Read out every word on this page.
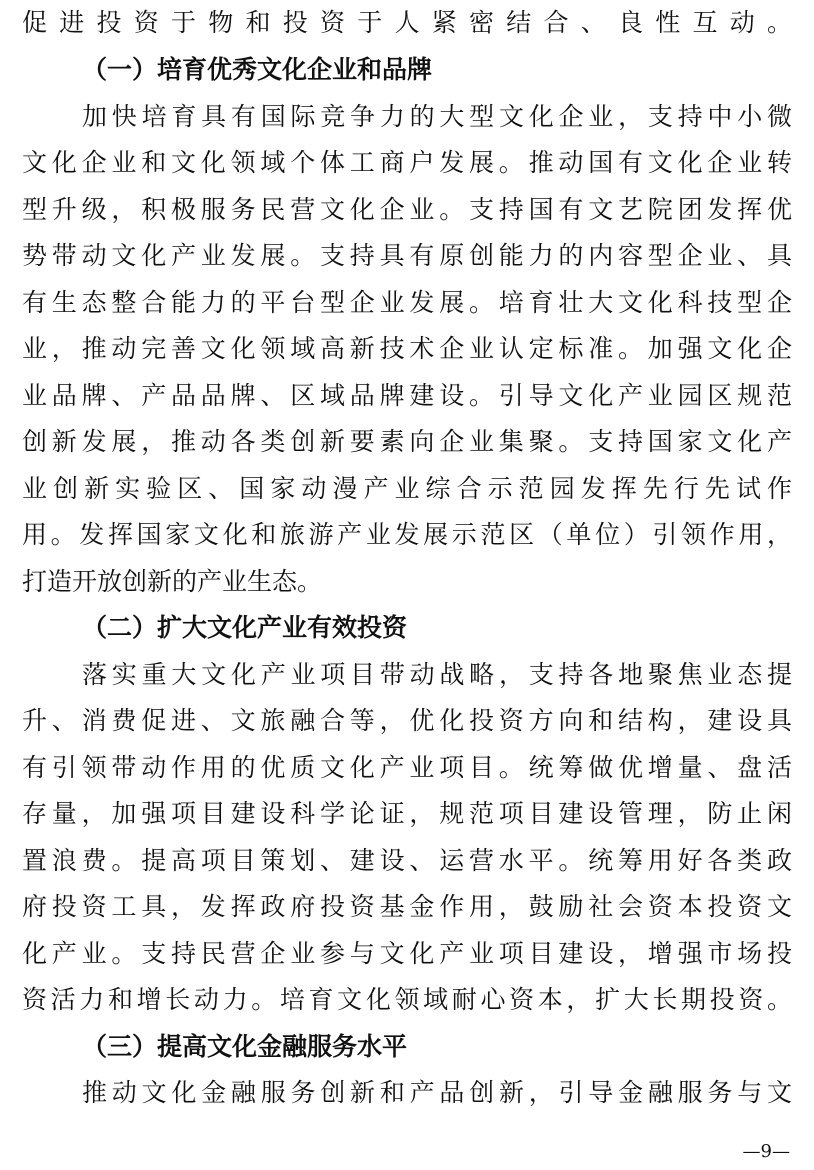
促进投资于物和投资于人紧密结合、良性互动。
（一）培育优秀文化企业和品牌
加快培育具有国际竞争力的大型文化企业，支持中小微
文化企业和文化领域个体工商户发展。推动国有文化企业转
型升级，积极服务民营文化企业。支持国有文艺院团发挥优
势带动文化产业发展。支持具有原创能力的内容型企业、具
有生态整合能力的平台型企业发展。培育壮大文化科技型企
业，推动完善文化领域高新技术企业认定标准。加强文化企
业品牌、产品品牌、区域品牌建设。引导文化产业园区规范
创新发展，推动各类创新要素向企业集聚。支持国家文化产
业创新实验区、国家动漫产业综合示范园发挥先行先试作
用。发挥国家文化和旅游产业发展示范区（单位）引领作用，
打造开放创新的产业生态。
（二）扩大文化产业有效投资
落实重大文化产业项目带动战略，支持各地聚焦业态提
升、消费促进、文旅融合等，优化投资方向和结构，建设具
有引领带动作用的优质文化产业项目。统筹做优增量、盘活
存量，加强项目建设科学论证，规范项目建设管理，防止闲
置浪费。提高项目策划、建设、运营水平。统筹用好各类政
府投资工具，发挥政府投资基金作用，鼓励社会资本投资文
化产业。支持民营企业参与文化产业项目建设，增强市场投
资活力和增长动力。培育文化领域耐心资本，扩大长期投资。
（三）提高文化金融服务水平
推动文化金融服务创新和产品创新，引导金融服务与文
—9—
